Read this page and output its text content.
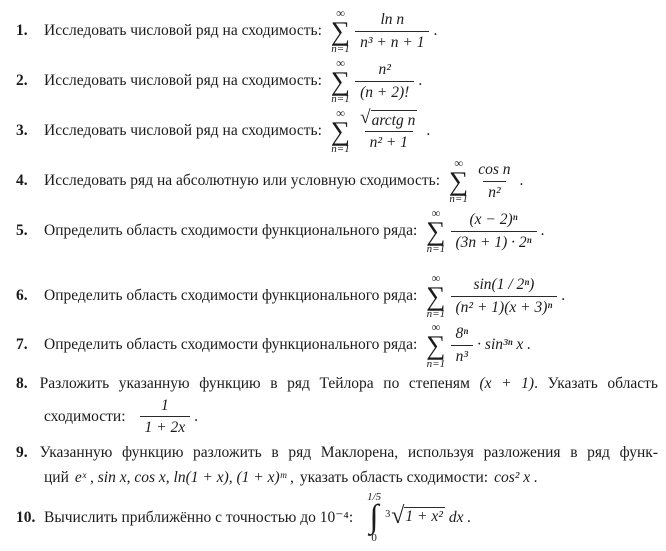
1.	Исследовать числовой ряд на сходимость:
∞
∑
$n=1 \frac{\text{ln n}}{\text{n³ + n + 1}}$ .
2.	Исследовать числовой ряд на сходимость:
∞
∑
$n=1 \frac{\text{n²}}{(n + 2)!}$ .
3.	Исследовать числовой ряд на сходимость:
∞
∑
$n=1 \frac{\text{√ arctg n}}{\text{n² + 1}}$ .
4.	Исследовать ряд на абсолютную или условную сходимость:
∞
∑
$n=1 \frac{\text{cos n}}{\text{n²}}$ .
5.	Определить область сходимости функционального ряда:
∞
∑
$n=1 \frac{\text{(x − 2)ⁿ}}{\text{(3n + 1) · 2ⁿ}}$ .
6.	Определить область сходимости функционального ряда:
∞
∑
$n=1 \frac{\text{sin(1 / 2ⁿ)}}{\text{(n² + 1)(x + 3)ⁿ}}$ .
7.	Определить область сходимости функционального ряда:
∞
∑
$n=1 \frac{\text{8ⁿ}}{\text{n³}} \cdot \sin^{3n}$ x .
8. Разложить указанную функцию в ряд Тейлора по степеням (x + 1). Указать область
сходимости: $\frac{1}{1 + 2x}$ .
9. Указанную функцию разложить в ряд Маклорена, используя разложения в ряд функ-
ций eˣ , sin x, cos x, ln(1 + x), (1 + x)ᵐ , указать область сходимости: cos² x .
10. Вычислить приближённо с точностью до 10⁻⁴:
1/5
∫
0
3 √ 1 + x² dx .
